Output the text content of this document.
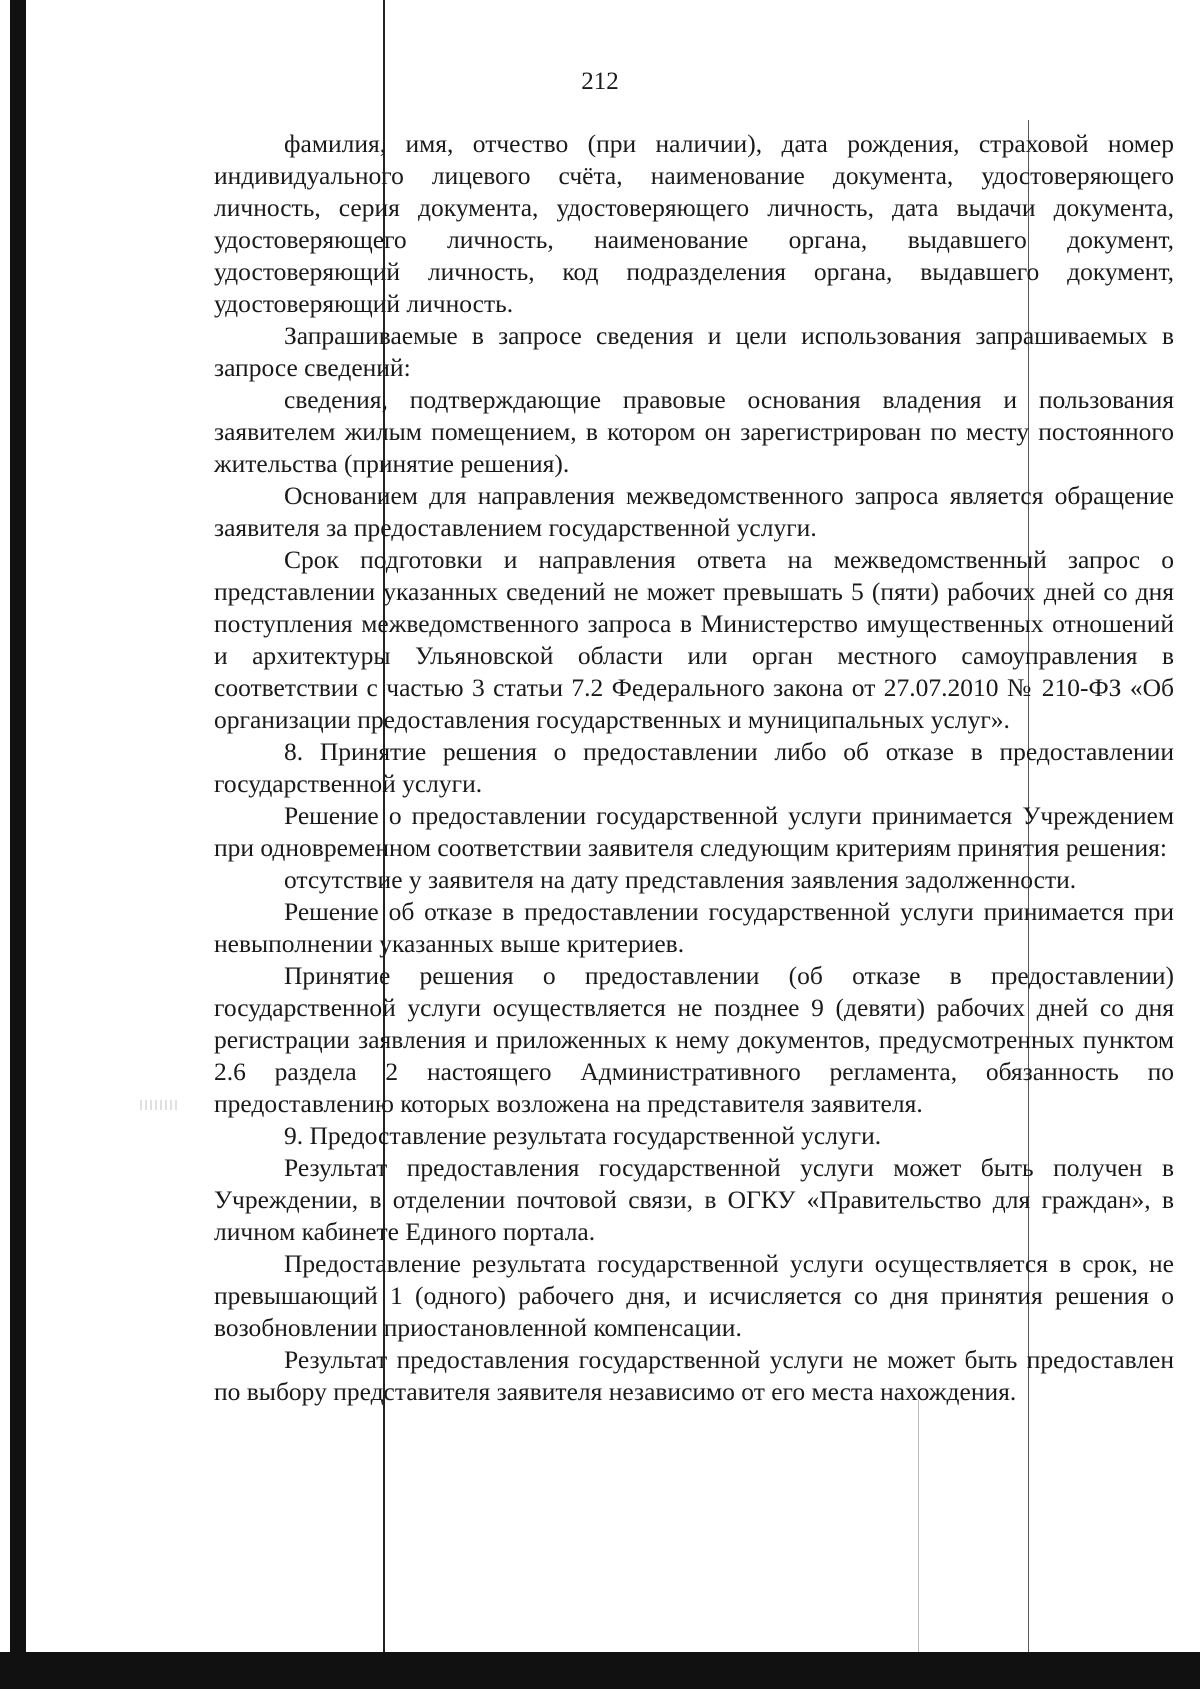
212

фамилия, имя, отчество (при наличии), дата рождения, страховой номер индивидуального лицевого счёта, наименование документа, удостоверяющего личность, серия документа, удостоверяющего личность, дата выдачи документа, удостоверяющего личность, наименование органа, выдавшего документ, удостоверяющий личность, код подразделения органа, выдавшего документ, удостоверяющий личность.

Запрашиваемые в запросе сведения и цели использования запрашиваемых в запросе сведений:

сведения, подтверждающие правовые основания владения и пользования заявителем жилым помещением, в котором он зарегистрирован по месту постоянного жительства (принятие решения).

Основанием для направления межведомственного запроса является обращение заявителя за предоставлением государственной услуги.

Срок подготовки и направления ответа на межведомственный запрос о представлении указанных сведений не может превышать 5 (пяти) рабочих дней со дня поступления межведомственного запроса в Министерство имущественных отношений и архитектуры Ульяновской области или орган местного самоуправления в соответствии с частью 3 статьи 7.2 Федерального закона от 27.07.2010 № 210-ФЗ «Об организации предоставления государственных и муниципальных услуг».

8. Принятие решения о предоставлении либо об отказе в предоставлении государственной услуги.

Решение о предоставлении государственной услуги принимается Учреждением при одновременном соответствии заявителя следующим критериям принятия решения:

отсутствие у заявителя на дату представления заявления задолженности.

Решение об отказе в предоставлении государственной услуги принимается при невыполнении указанных выше критериев.

Принятие решения о предоставлении (об отказе в предоставлении) государственной услуги осуществляется не позднее 9 (девяти) рабочих дней со дня регистрации заявления и приложенных к нему документов, предусмотренных пунктом 2.6 раздела 2 настоящего Административного регламента, обязанность по предоставлению которых возложена на представителя заявителя.

9. Предоставление результата государственной услуги.

Результат предоставления государственной услуги может быть получен в Учреждении, в отделении почтовой связи, в ОГКУ «Правительство для граждан», в личном кабинете Единого портала.

Предоставление результата государственной услуги осуществляется в срок, не превышающий 1 (одного) рабочего дня, и исчисляется со дня принятия решения о возобновлении приостановленной компенсации.

Результат предоставления государственной услуги не может быть предоставлен по выбору представителя заявителя независимо от его места нахождения.
